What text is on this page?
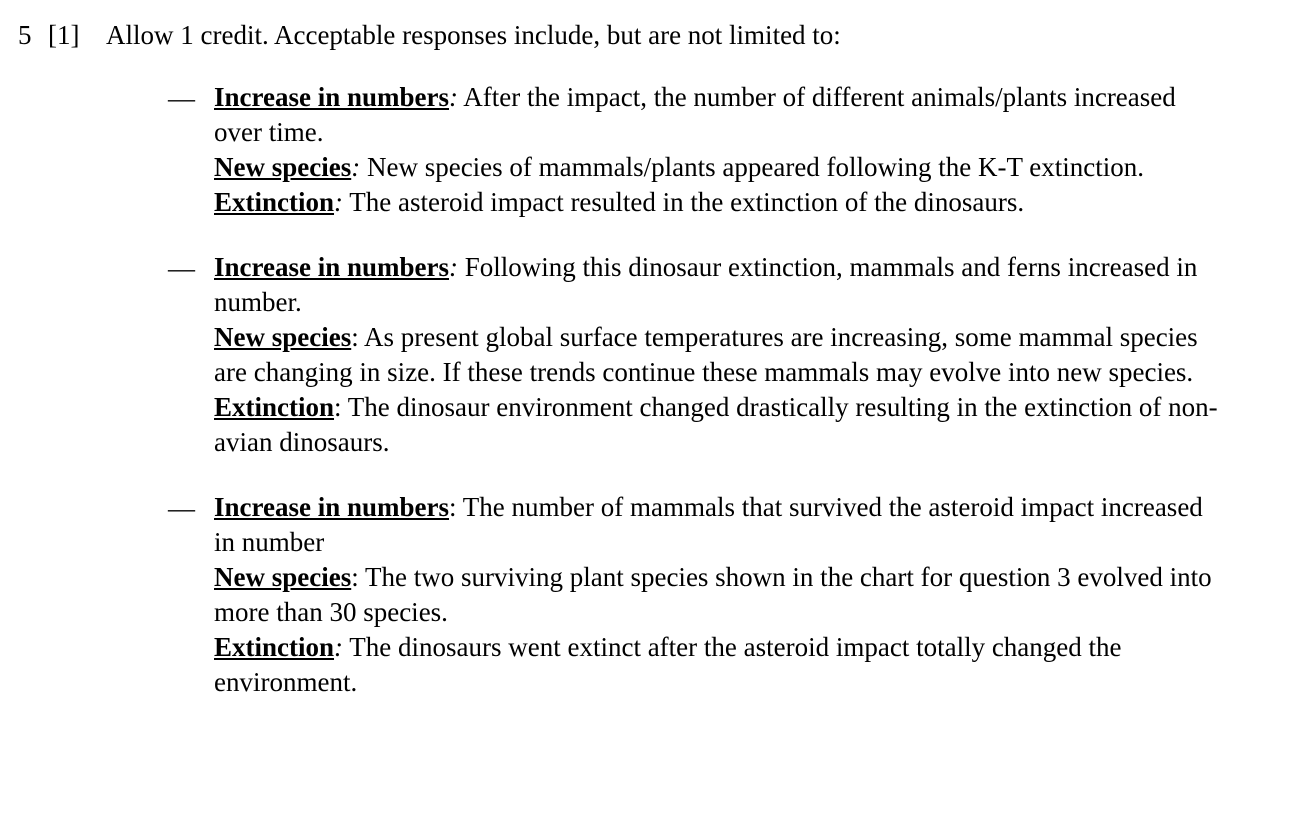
5 [1] Allow 1 credit. Acceptable responses include, but are not limited to:
— Increase in numbers: After the impact, the number of different animals/plants increased over time.
New species: New species of mammals/plants appeared following the K-T extinction.
Extinction: The asteroid impact resulted in the extinction of the dinosaurs.
— Increase in numbers: Following this dinosaur extinction, mammals and ferns increased in number.
New species: As present global surface temperatures are increasing, some mammal species are changing in size. If these trends continue these mammals may evolve into new species.
Extinction: The dinosaur environment changed drastically resulting in the extinction of non-avian dinosaurs.
— Increase in numbers: The number of mammals that survived the asteroid impact increased in number
New species: The two surviving plant species shown in the chart for question 3 evolved into more than 30 species.
Extinction: The dinosaurs went extinct after the asteroid impact totally changed the environment.
